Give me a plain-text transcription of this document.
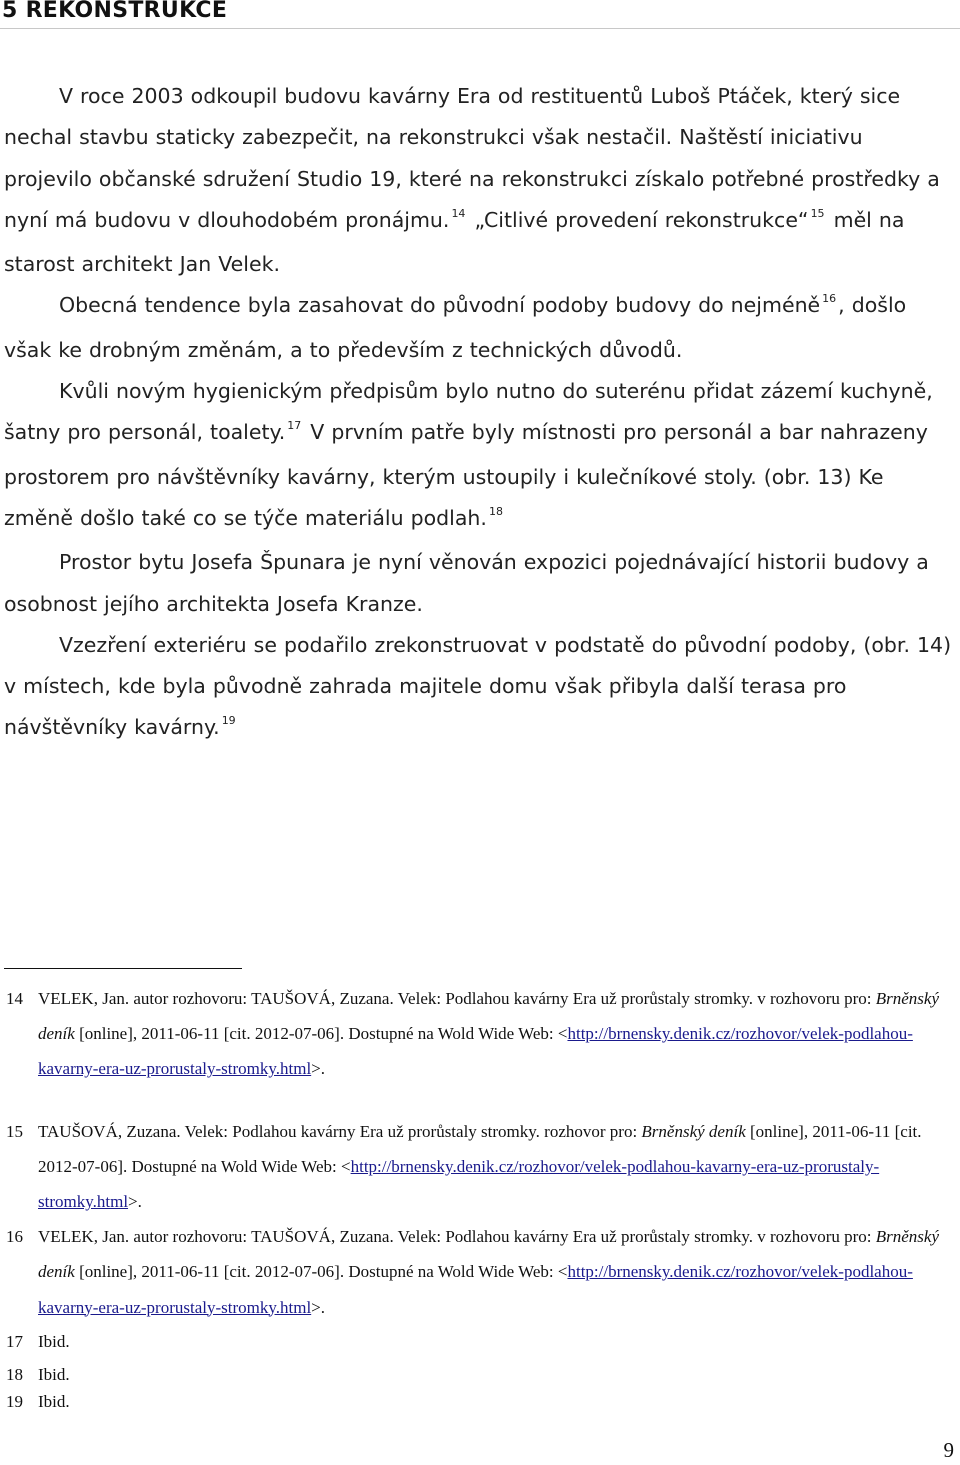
5 REKONSTRUKCE

V roce 2003 odkoupil budovu kavárny Era od restituentů Luboš Ptáček, který sice nechal stavbu staticky zabezpečit, na rekonstrukci však nestačil. Naštěstí iniciativu projevilo občanské sdružení Studio 19, které na rekonstrukci získalo potřebné prostředky a nyní má budovu v dlouhodobém pronájmu. $^{14}$ „Citlivé provedení rekonstrukce“ $^{15}$ měl na starost architekt Jan Velek.

Obecná tendence byla zasahovat do původní podoby budovy do nejméně $^{16}$, došlo však ke drobným změnám, a to především z technických důvodů.

Kvůli novým hygienickým předpisům bylo nutno do suterénu přidat zázemí kuchyně, šatny pro personál, toalety. $^{17}$ V prvním patře byly místnosti pro personál a bar nahrazeny prostorem pro návštěvníky kavárny, kterým ustoupily i kulečníkové stoly. (obr. 13) Ke změně došlo také co se týče materiálu podlah. $^{18}$

Prostor bytu Josefa Špunara je nyní věnován expozici pojednávající historii budovy a osobnost jejího architekta Josefa Kranze.

Vzezření exteriéru se podařilo zrekonstruovat v podstatě do původní podoby, (obr. 14) v místech, kde byla původně zahrada majitele domu však přibyla další terasa pro návštěvníky kavárny. $^{19}$

14 VELEK, Jan. autor rozhovoru: TAUŠOVÁ, Zuzana. Velek: Podlahou kavárny Era už prorůstaly stromky. v rozhovoru pro: Brněnský deník [online], 2011-06-11 [cit. 2012-07-06]. Dostupné na Wold Wide Web: <http://brnensky.denik.cz/rozhovor/velek-podlahou-kavarny-era-uz-prorustaly-stromky.html>.
15 TAUŠOVÁ, Zuzana. Velek: Podlahou kavárny Era už prorůstaly stromky. rozhovor pro: Brněnský deník [online], 2011-06-11 [cit. 2012-07-06]. Dostupné na Wold Wide Web: <http://brnensky.denik.cz/rozhovor/velek-podlahou-kavarny-era-uz-prorustaly-stromky.html>.
16 VELEK, Jan. autor rozhovoru: TAUŠOVÁ, Zuzana. Velek: Podlahou kavárny Era už prorůstaly stromky. v rozhovoru pro: Brněnský deník [online], 2011-06-11 [cit. 2012-07-06]. Dostupné na Wold Wide Web: <http://brnensky.denik.cz/rozhovor/velek-podlahou-kavarny-era-uz-prorustaly-stromky.html>.
17 Ibid.
18 Ibid.
19 Ibid.
9
